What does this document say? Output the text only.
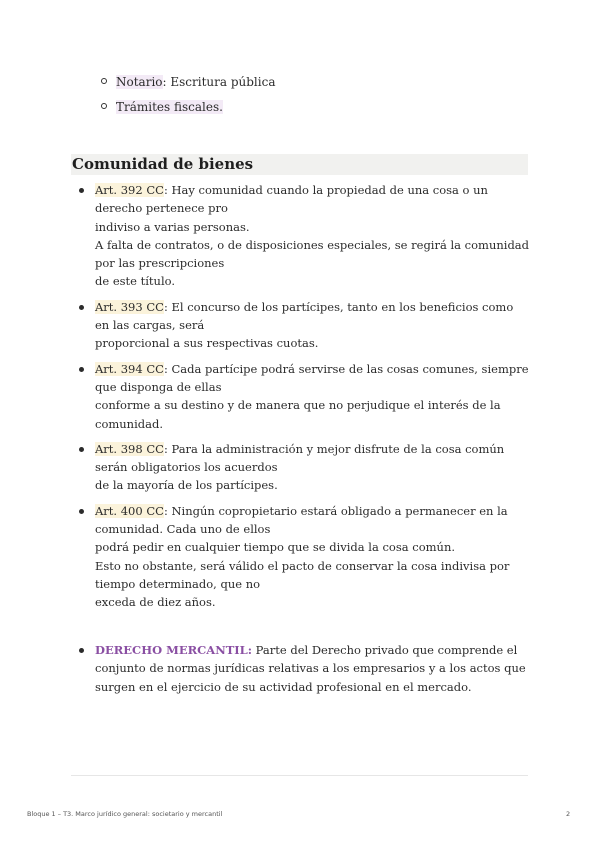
Notario: Escritura pública
Trámites fiscales.
Comunidad de bienes

Art. 392 CC: Hay comunidad cuando la propiedad de una cosa o un derecho pertenece pro

indiviso a varias personas.

A falta de contratos, o de disposiciones especiales, se regirá la comunidad por las prescripciones

de este título.

Art. 393 CC: El concurso de los partícipes, tanto en los beneficios como en las cargas, será

proporcional a sus respectivas cuotas.

Art. 394 CC: Cada partícipe podrá servirse de las cosas comunes, siempre que disponga de ellas

conforme a su destino y de manera que no perjudique el interés de la comunidad.

Art. 398 CC: Para la administración y mejor disfrute de la cosa común serán obligatorios los acuerdos

de la mayoría de los partícipes.

Art. 400 CC: Ningún copropietario estará obligado a permanecer en la comunidad. Cada uno de ellos

podrá pedir en cualquier tiempo que se divida la cosa común.

Esto no obstante, será válido el pacto de conservar la cosa indivisa por tiempo determinado, que no

exceda de diez años.

DERECHO MERCANTIL: Parte del Derecho privado que comprende el conjunto de normas jurídicas relativas a los empresarios y a los actos que surgen en el ejercicio de su actividad profesional en el mercado.

Bloque 1 – T3. Marco jurídico general: societario y mercantil	2
